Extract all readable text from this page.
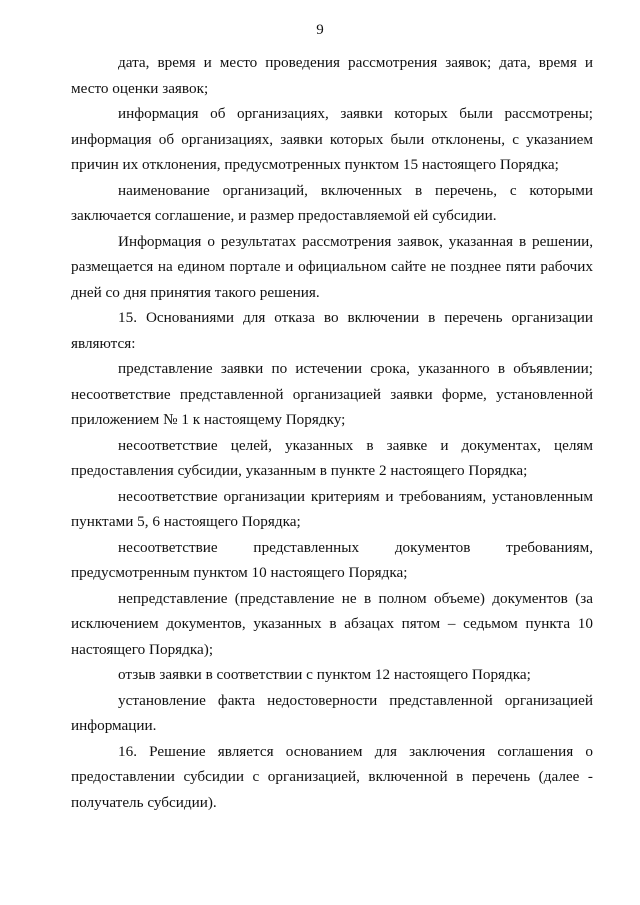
9

дата, время и место проведения рассмотрения заявок; дата, время и место оценки заявок;

информация об организациях, заявки которых были рассмотрены; информация об организациях, заявки которых были отклонены, с указанием причин их отклонения, предусмотренных пунктом 15 настоящего Порядка;

наименование организаций, включенных в перечень, с которыми заключается соглашение, и размер предоставляемой ей субсидии.

Информация о результатах рассмотрения заявок, указанная в решении, размещается на едином портале и официальном сайте не позднее пяти рабочих дней со дня принятия такого решения.

15. Основаниями для отказа во включении в перечень организации являются:

представление заявки по истечении срока, указанного в объявлении; несоответствие представленной организацией заявки форме, установленной приложением № 1 к настоящему Порядку;

несоответствие целей, указанных в заявке и документах, целям предоставления субсидии, указанным в пункте 2 настоящего Порядка;

несоответствие организации критериям и требованиям, установленным пунктами 5, 6 настоящего Порядка;

несоответствие представленных документов требованиям, предусмотренным пунктом 10 настоящего Порядка;

непредставление (представление не в полном объеме) документов (за исключением документов, указанных в абзацах пятом – седьмом пункта 10 настоящего Порядка);

отзыв заявки в соответствии с пунктом 12 настоящего Порядка;

установление факта недостоверности представленной организацией информации.

16. Решение является основанием для заключения соглашения о предоставлении субсидии с организацией, включенной в перечень (далее - получатель субсидии).
